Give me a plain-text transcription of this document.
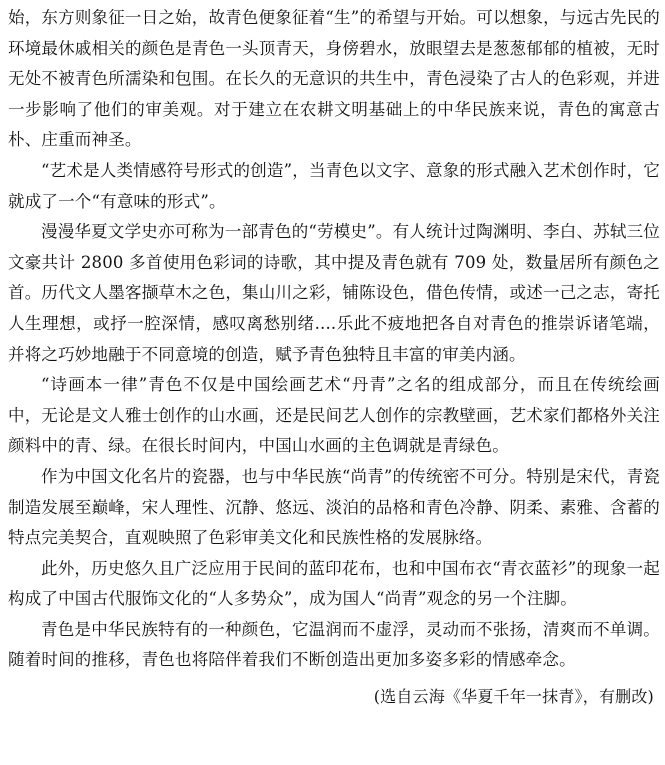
始，东方则象征一日之始，故青色便象征着“生”的希望与开始。可以想象，与远古先民的环境最休戚相关的颜色是青色一头顶青天，身傍碧水，放眼望去是葱葱郁郁的植被，无时无处不被青色所濡染和包围。在长久的无意识的共生中，青色浸染了古人的色彩观，并进一步影响了他们的审美观。对于建立在农耕文明基础上的中华民族来说，青色的寓意古朴、庄重而神圣。

“艺术是人类情感符号形式的创造”，当青色以文字、意象的形式融入艺术创作时，它就成了一个“有意味的形式”。

漫漫华夏文学史亦可称为一部青色的“劳模史”。有人统计过陶渊明、李白、苏轼三位文豪共计 2800 多首使用色彩词的诗歌，其中提及青色就有 709 处，数量居所有颜色之首。历代文人墨客撷草木之色，集山川之彩，铺陈设色，借色传情，或述一己之志，寄托人生理想，或抒一腔深情，感叹离愁别绪....乐此不疲地把各自对青色的推崇诉诸笔端，并将之巧妙地融于不同意境的创造，赋予青色独特且丰富的审美内涵。

“诗画本一律”青色不仅是中国绘画艺术“丹青”之名的组成部分，而且在传统绘画中，无论是文人雅士创作的山水画，还是民间艺人创作的宗教壁画，艺术家们都格外关注颜料中的青、绿。在很长时间内，中国山水画的主色调就是青绿色。

作为中国文化名片的瓷器，也与中华民族“尚青”的传统密不可分。特别是宋代，青瓷制造发展至巅峰，宋人理性、沉静、悠远、淡泊的品格和青色冷静、阴柔、素雅、含蓄的特点完美契合，直观映照了色彩审美文化和民族性格的发展脉络。

此外，历史悠久且广泛应用于民间的蓝印花布，也和中国布衣“青衣蓝衫”的现象一起构成了中国古代服饰文化的“人多势众”，成为国人“尚青”观念的另一个注脚。

青色是中华民族特有的一种颜色，它温润而不虚浮，灵动而不张扬，清爽而不单调。随着时间的推移，青色也将陪伴着我们不断创造出更加多姿多彩的情感牵念。

(选自云海《华夏千年一抹青》，有删改)
